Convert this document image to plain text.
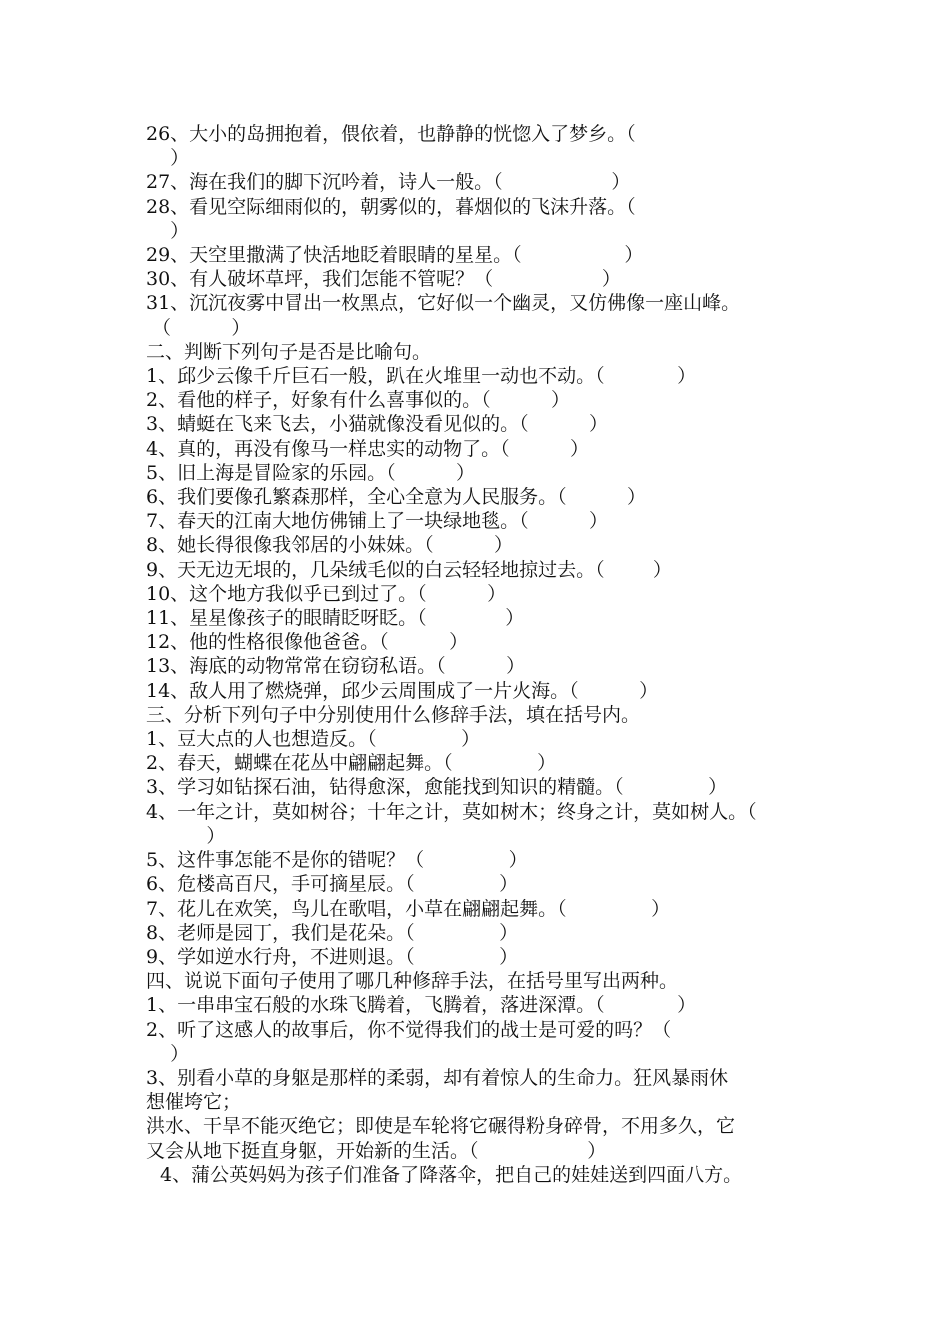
26、大小的岛拥抱着，偎依着，也静静的恍惚入了梦乡。（
）
27、海在我们的脚下沉吟着，诗人一般。（                  ）
28、看见空际细雨似的，朝雾似的，暮烟似的飞沫升落。（
）
29、天空里撒满了快活地眨着眼睛的星星。（                 ）
30、有人破坏草坪，我们怎能不管呢？（                  ）
31、沉沉夜雾中冒出一枚黑点，它好似一个幽灵，又仿佛像一座山峰。
（          ）
二、判断下列句子是否是比喻句。
1、邱少云像千斤巨石一般，趴在火堆里一动也不动。（            ）
2、看他的样子，好象有什么喜事似的。（          ）
3、蜻蜓在飞来飞去，小猫就像没看见似的。（          ）
4、真的，再没有像马一样忠实的动物了。（          ）
5、旧上海是冒险家的乐园。（          ）
6、我们要像孔繁森那样，全心全意为人民服务。（          ）
7、春天的江南大地仿佛铺上了一块绿地毯。（          ）
8、她长得很像我邻居的小妹妹。（          ）
9、天无边无垠的，几朵绒毛似的白云轻轻地掠过去。（        ）
10、这个地方我似乎已到过了。（          ）
11、星星像孩子的眼睛眨呀眨。（             ）
12、他的性格很像他爸爸。（          ）
13、海底的动物常常在窃窃私语。（          ）
14、敌人用了燃烧弹，邱少云周围成了一片火海。（          ）
三、分析下列句子中分别使用什么修辞手法，填在括号内。
1、豆大点的人也想造反。（              ）
2、春天，蝴蝶在花丛中翩翩起舞。（              ）
3、学习如钻探石油，钻得愈深，愈能找到知识的精髓。（              ）
4、一年之计，莫如树谷；十年之计，莫如树木；终身之计，莫如树人。（
）
5、这件事怎能不是你的错呢？（              ）
6、危楼高百尺，手可摘星辰。（              ）
7、花儿在欢笑，鸟儿在歌唱，小草在翩翩起舞。（              ）
8、老师是园丁，我们是花朵。（              ）
9、学如逆水行舟，不进则退。（              ）
四、说说下面句子使用了哪几种修辞手法，在括号里写出两种。
1、一串串宝石般的水珠飞腾着，飞腾着，落进深潭。（            ）
2、听了这感人的故事后，你不觉得我们的战士是可爱的吗？（
）
3、别看小草的身躯是那样的柔弱，却有着惊人的生命力。狂风暴雨休
想催垮它；
洪水、干旱不能灭绝它；即使是车轮将它碾得粉身碎骨，不用多久，它
又会从地下挺直身躯，开始新的生活。（                  ）
4、蒲公英妈妈为孩子们准备了降落伞，把自己的娃娃送到四面八方。
